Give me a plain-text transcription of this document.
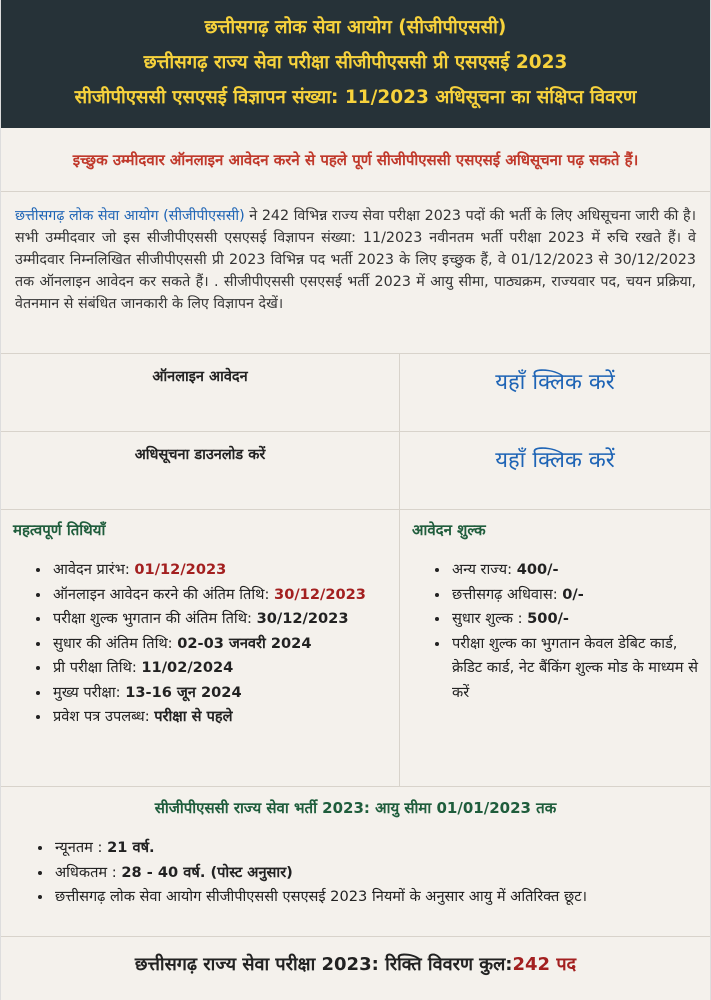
छत्तीसगढ़ लोक सेवा आयोग (सीजीपीएससी)
छत्तीसगढ़ राज्य सेवा परीक्षा सीजीपीएससी प्री एसएसई 2023
सीजीपीएससी एसएसई विज्ञापन संख्या: 11/2023 अधिसूचना का संक्षिप्त विवरण
इच्छुक उम्मीदवार ऑनलाइन आवेदन करने से पहले पूर्ण सीजीपीएससी एसएसई अधिसूचना पढ़ सकते हैं।
छत्तीसगढ़ लोक सेवा आयोग (सीजीपीएससी) ने 242 विभिन्न राज्य सेवा परीक्षा 2023 पदों की भर्ती के लिए अधिसूचना जारी की है। सभी उम्मीदवार जो इस सीजीपीएससी एसएसई विज्ञापन संख्या: 11/2023 नवीनतम भर्ती परीक्षा 2023 में रुचि रखते हैं। वे उम्मीदवार निम्नलिखित सीजीपीएससी प्री 2023 विभिन्न पद भर्ती 2023 के लिए इच्छुक हैं, वे 01/12/2023 से 30/12/2023 तक ऑनलाइन आवेदन कर सकते हैं। . सीजीपीएससी एसएसई भर्ती 2023 में आयु सीमा, पाठ्यक्रम, राज्यवार पद, चयन प्रक्रिया, वेतनमान से संबंधित जानकारी के लिए विज्ञापन देखें।
ऑनलाइन आवेदन	यहाँ क्लिक करें
अधिसूचना डाउनलोड करें	यहाँ क्लिक करें
महत्वपूर्ण तिथियाँ
• आवेदन प्रारंभ: 01/12/2023
• ऑनलाइन आवेदन करने की अंतिम तिथि: 30/12/2023
• परीक्षा शुल्क भुगतान की अंतिम तिथि: 30/12/2023
• सुधार की अंतिम तिथि: 02-03 जनवरी 2024
• प्री परीक्षा तिथि: 11/02/2024
• मुख्य परीक्षा: 13-16 जून 2024
• प्रवेश पत्र उपलब्ध: परीक्षा से पहले
आवेदन शुल्क
• अन्य राज्य: 400/-
• छत्तीसगढ़ अधिवास: 0/-
• सुधार शुल्क : 500/-
• परीक्षा शुल्क का भुगतान केवल डेबिट कार्ड, क्रेडिट कार्ड, नेट बैंकिंग शुल्क मोड के माध्यम से करें
सीजीपीएससी राज्य सेवा भर्ती 2023: आयु सीमा 01/01/2023 तक
• न्यूनतम : 21 वर्ष.
• अधिकतम : 28 - 40 वर्ष. (पोस्ट अनुसार)
• छत्तीसगढ़ लोक सेवा आयोग सीजीपीएससी एसएसई 2023 नियमों के अनुसार आयु में अतिरिक्त छूट।
छत्तीसगढ़ राज्य सेवा परीक्षा 2023: रिक्ति विवरण कुल: 242 पद
